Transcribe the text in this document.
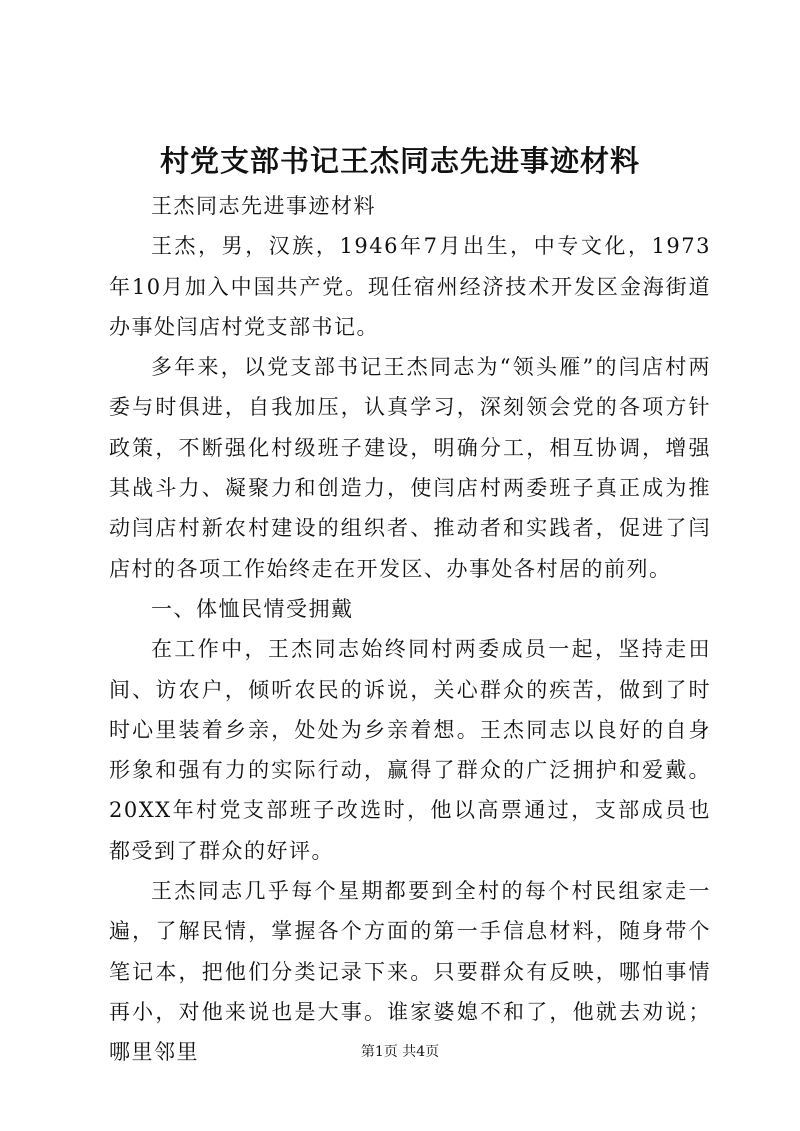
村党支部书记王杰同志先进事迹材料

王杰同志先进事迹材料

王杰，男，汉族，1946年7月出生，中专文化，1973年10月加入中国共产党。现任宿州经济技术开发区金海街道办事处闫店村党支部书记。

多年来，以党支部书记王杰同志为“领头雁”的闫店村两委与时俱进，自我加压，认真学习，深刻领会党的各项方针政策，不断强化村级班子建设，明确分工，相互协调，增强其战斗力、凝聚力和创造力，使闫店村两委班子真正成为推动闫店村新农村建设的组织者、推动者和实践者，促进了闫店村的各项工作始终走在开发区、办事处各村居的前列。

一、体恤民情受拥戴

在工作中，王杰同志始终同村两委成员一起，坚持走田间、访农户，倾听农民的诉说，关心群众的疾苦，做到了时时心里装着乡亲，处处为乡亲着想。王杰同志以良好的自身形象和强有力的实际行动，赢得了群众的广泛拥护和爱戴。20XX年村党支部班子改选时，他以高票通过，支部成员也都受到了群众的好评。

王杰同志几乎每个星期都要到全村的每个村民组家走一遍，了解民情，掌握各个方面的第一手信息材料，随身带个笔记本，把他们分类记录下来。只要群众有反映，哪怕事情再小，对他来说也是大事。谁家婆媳不和了，他就去劝说；哪里邻里	第1页 共4页
